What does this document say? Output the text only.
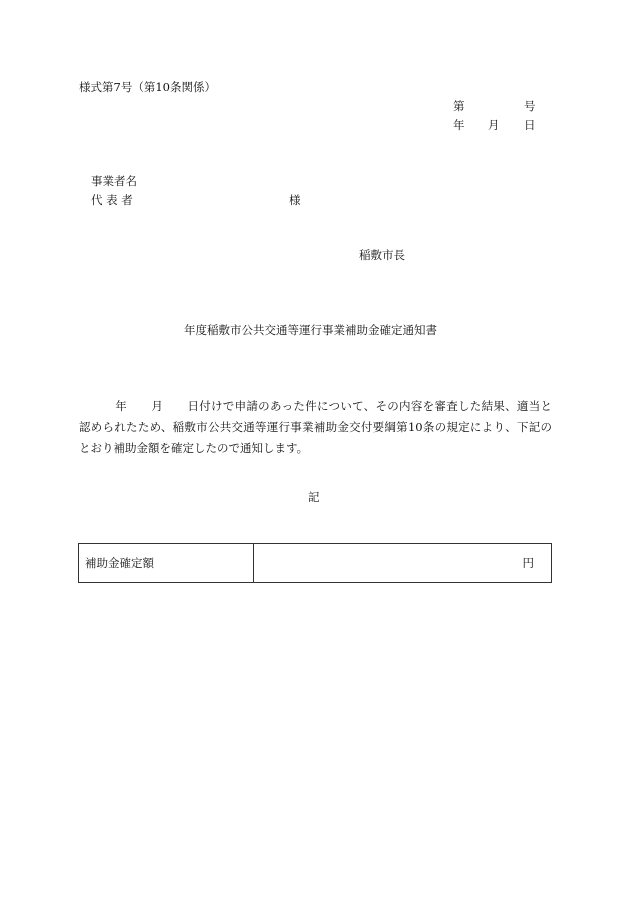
様式第7号（第10条関係）
第	号
年 月 日
事業者名
代 表 者	様
稲敷市長
年度稲敷市公共交通等運行事業補助金確定通知書
年 月 日付けで申請のあった件について、その内容を審査した結果、適当と認められたため、稲敷市公共交通等運行事業補助金交付要綱第10条の規定により、下記のとおり補助金額を確定したので通知します。
記
補助金確定額	円
